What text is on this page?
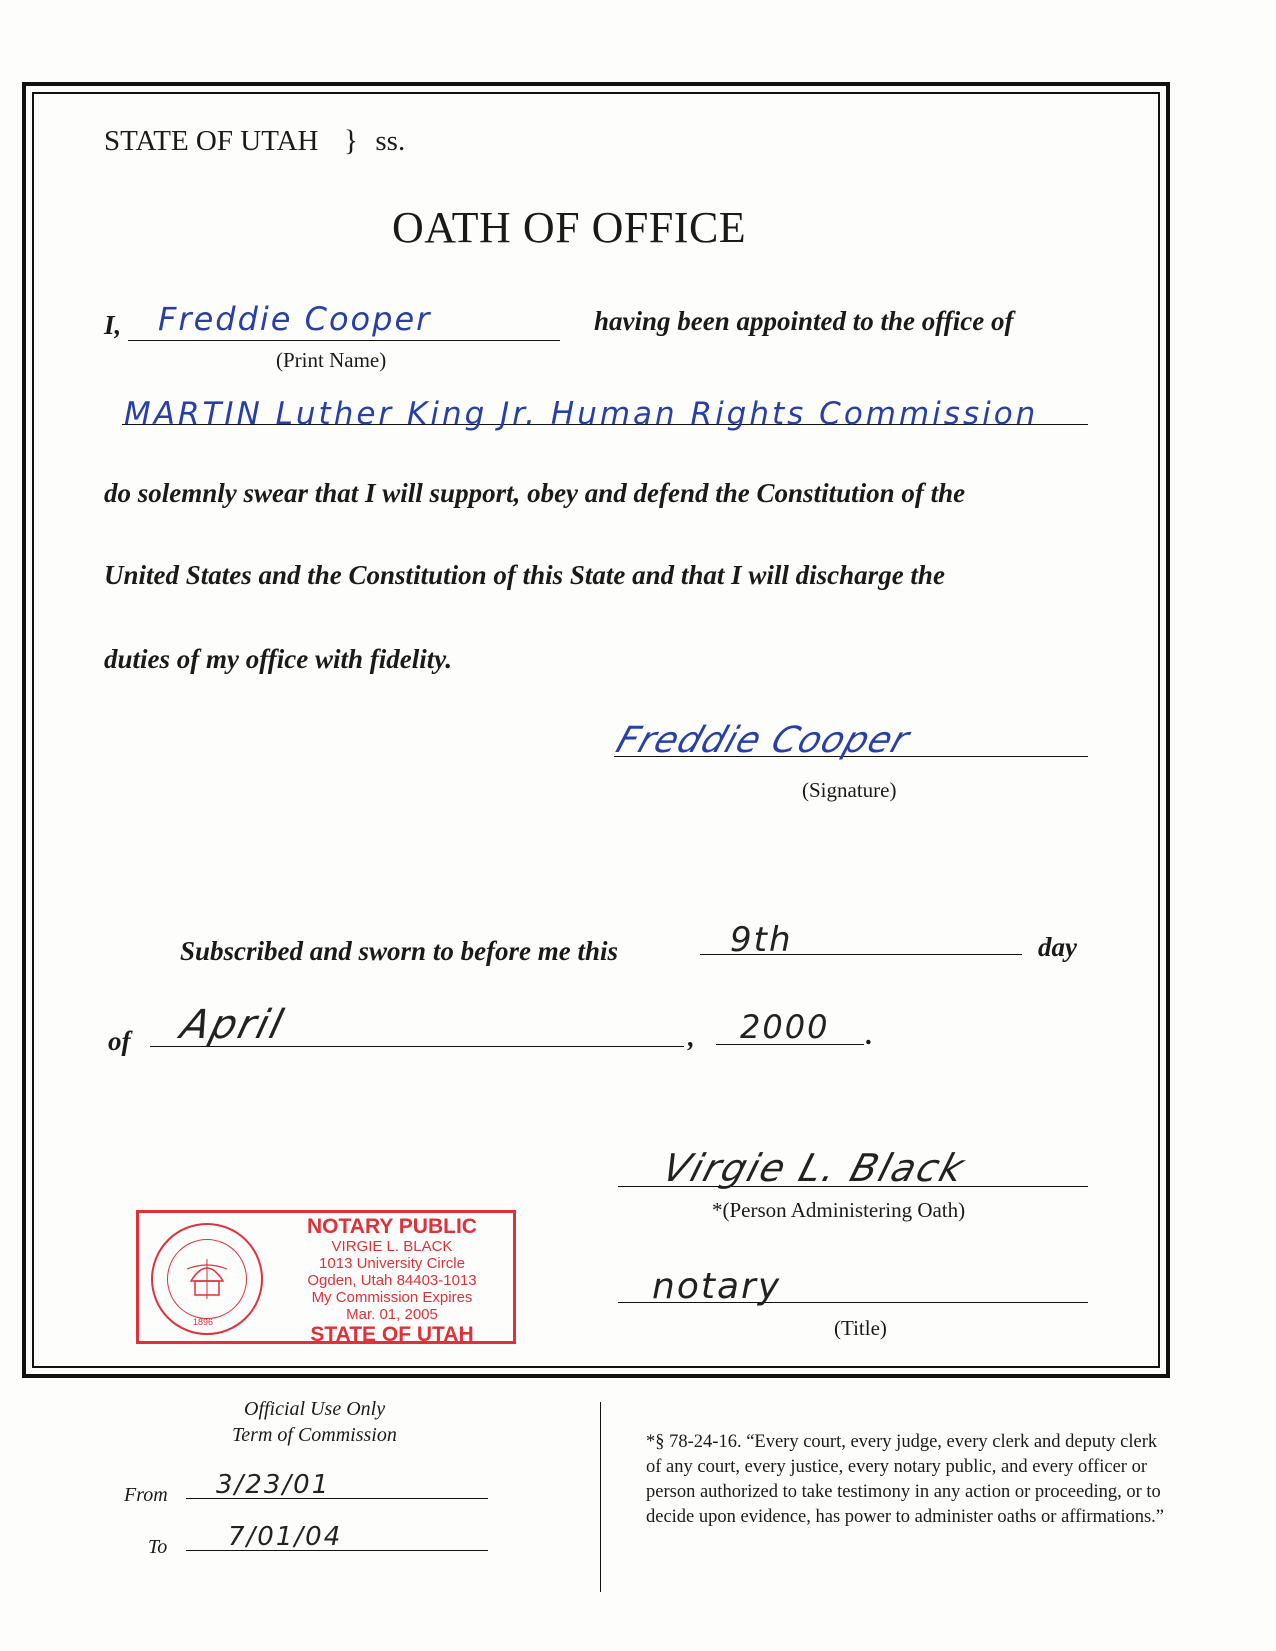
STATE OF UTAH } ss.
OATH OF OFFICE
I, Freddie Cooper
(Print Name)
having been appointed to the office of
MARTIN Luther King Jr. Human Rights Commission
do solemnly swear that I will support, obey and defend the Constitution of the
United States and the Constitution of this State and that I will discharge the
duties of my office with fidelity.
Freddie Cooper
(Signature)
Subscribed and sworn to before me this	9th	day
of April	, 2000 .
Virgie L. Black
*(Person Administering Oath)
notary
(Title)
1896
NOTARY PUBLIC
VIRGIE L. BLACK
1013 University Circle
Ogden, Utah 84403-1013
My Commission Expires
Mar. 01, 2005
STATE OF UTAH
Official Use Only
Term of Commission
From 3/23/01
To 7/01/04
*§ 78-24-16. “Every court, every judge, every clerk and deputy clerk of any court, every justice, every notary public, and every officer or person authorized to take testimony in any action or proceeding, or to decide upon evidence, has power to administer oaths or affirmations.”
